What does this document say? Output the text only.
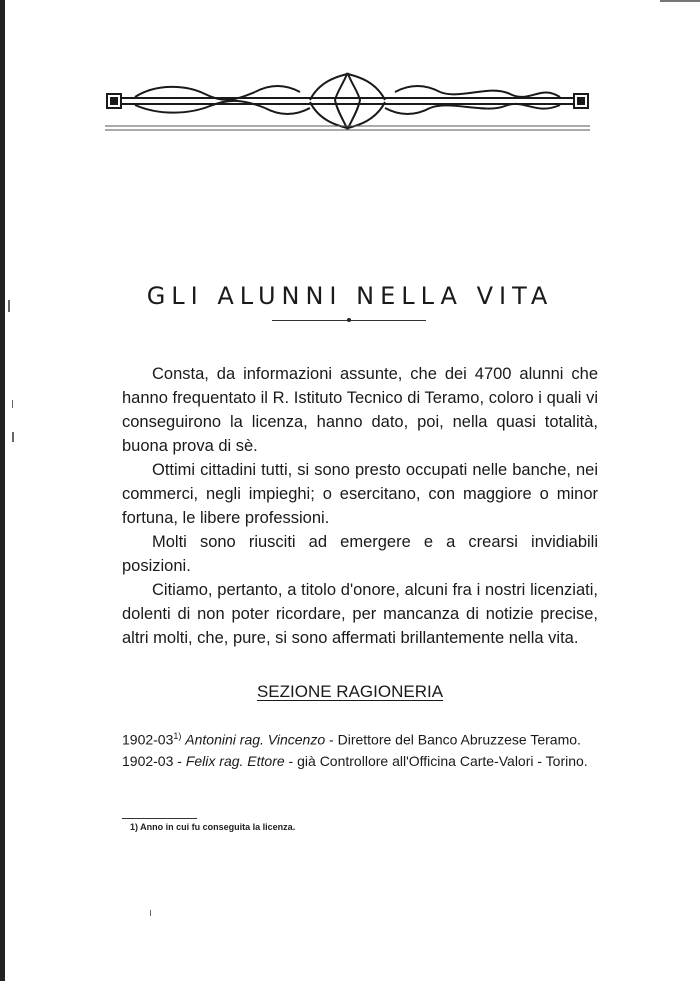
GLI ALUNNI NELLA VITA

Consta, da informazioni assunte, che dei 4700 alunni che hanno frequentato il R. Istituto Tecnico di Teramo, coloro i quali vi conseguirono la licenza, hanno dato, poi, nella quasi totalità, buona prova di sè.

Ottimi cittadini tutti, si sono presto occupati nelle banche, nei commerci, negli impieghi; o esercitano, con maggiore o minor fortuna, le libere professioni.

Molti sono riusciti ad emergere e a crearsi invidiabili posizioni.

Citiamo, pertanto, a titolo d'onore, alcuni fra i nostri licenziati, dolenti di non poter ricordare, per mancanza di notizie precise, altri molti, che, pure, si sono affermati brillantemente nella vita.

SEZIONE RAGIONERIA

1902-03$^{1)}$ Antonini rag. Vincenzo - Direttore del Banco Abruzzese Teramo.

1902-03 - Felix rag. Ettore - già Controllore all'Officina Carte-Valori - Torino.

1) Anno in cui fu conseguita la licenza.
